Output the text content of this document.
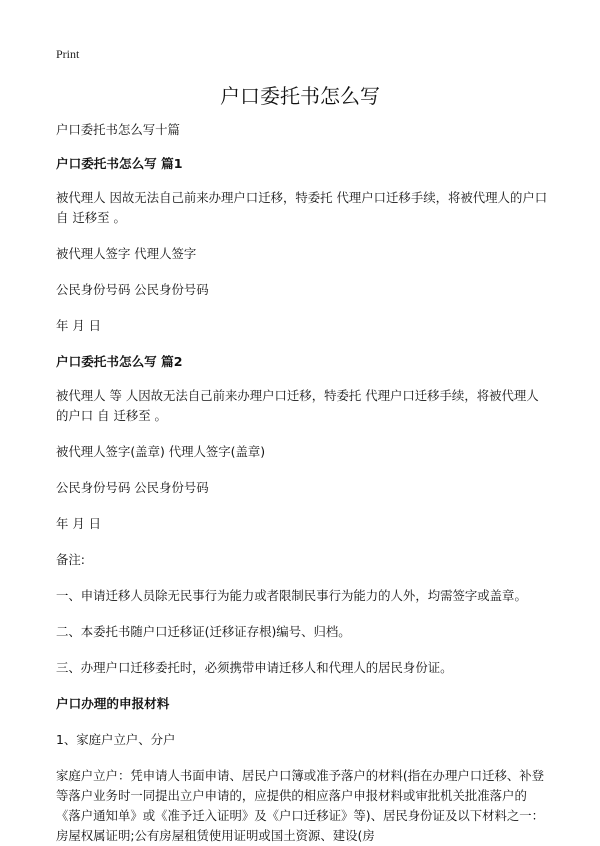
Print
户口委托书怎么写

户口委托书怎么写十篇

户口委托书怎么写 篇1

被代理人 因故无法自己前来办理户口迁移，特委托 代理户口迁移手续，将被代理人的户口自 迁移至 。

被代理人签字 代理人签字

公民身份号码 公民身份号码

年 月 日

户口委托书怎么写 篇2

被代理人 等 人因故无法自己前来办理户口迁移，特委托 代理户口迁移手续，将被代理人的户口 自 迁移至 。

被代理人签字(盖章) 代理人签字(盖章)

公民身份号码 公民身份号码

年 月 日

备注:

一、申请迁移人员除无民事行为能力或者限制民事行为能力的人外，均需签字或盖章。

二、本委托书随户口迁移证(迁移证存根)编号、归档。

三、办理户口迁移委托时，必须携带申请迁移人和代理人的居民身份证。

户口办理的申报材料

1、家庭户立户、分户

家庭户立户：凭申请人书面申请、居民户口簿或准予落户的材料(指在办理户口迁移、补登等落户业务时一同提出立户申请的，应提供的相应落户申报材料或审批机关批准落户的《落户通知单》或《准予迁入证明》及《户口迁移证》等)、居民身份证及以下材料之一：房屋权属证明;公有房屋租赁使用证明或国土资源、建设(房
